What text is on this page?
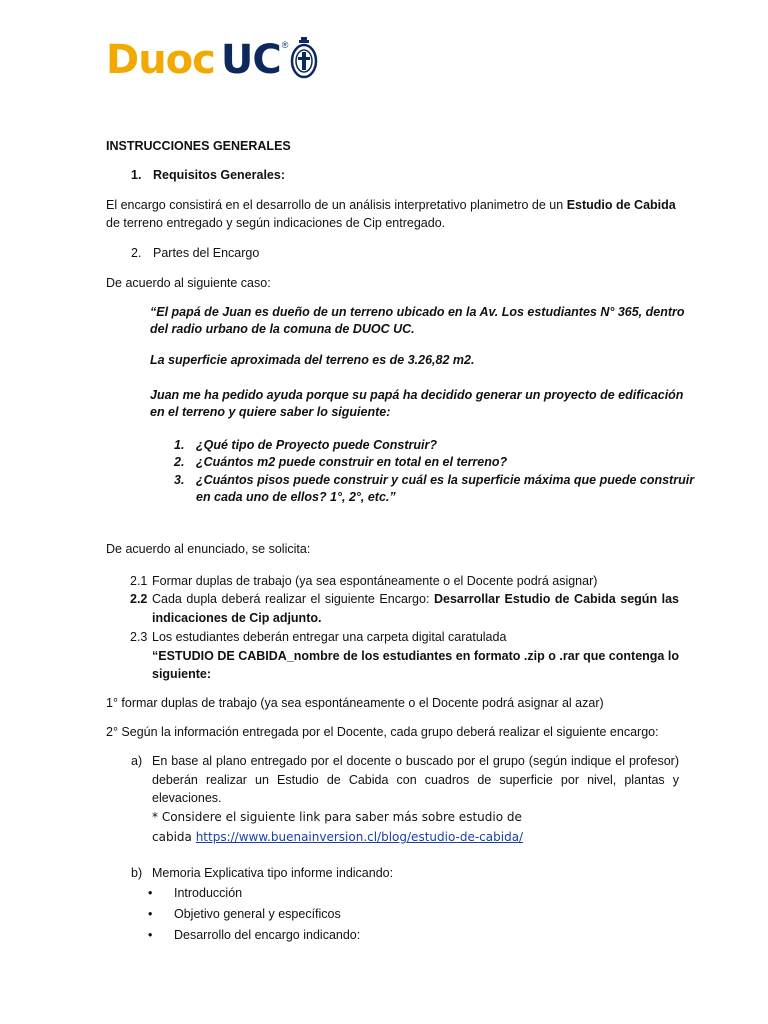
Duoc UC ®
INSTRUCCIONES GENERALES
1. Requisitos Generales:
El encargo consistirá en el desarrollo de un análisis interpretativo planimetro de un Estudio de Cabida
de terreno entregado y según indicaciones de Cip entregado.
2. Partes del Encargo
De acuerdo al siguiente caso:
“El papá de Juan es dueño de un terreno ubicado en la Av. Los estudiantes N° 365, dentro
del radio urbano de la comuna de DUOC UC.
La superficie aproximada del terreno es de 3.26,82 m2.
Juan me ha pedido ayuda porque su papá ha decidido generar un proyecto de edificación
en el terreno y quiere saber lo siguiente:
1. ¿Qué tipo de Proyecto puede Construir?
2. ¿Cuántos m2 puede construir en total en el terreno?
3. ¿Cuántos pisos puede construir y cuál es la superficie máxima que puede construir
en cada uno de ellos? 1°, 2°, etc.”
De acuerdo al enunciado, se solicita:
2.1 Formar duplas de trabajo (ya sea espontáneamente o el Docente podrá asignar)
2.2 Cada dupla deberá realizar el siguiente Encargo: Desarrollar Estudio de Cabida según las
indicaciones de Cip adjunto.
2.3 Los estudiantes deberán entregar una carpeta digital caratulada
“ESTUDIO DE CABIDA_nombre de los estudiantes en formato .zip o .rar que contenga lo
siguiente:
1° formar duplas de trabajo (ya sea espontáneamente o el Docente podrá asignar al azar)
2° Según la información entregada por el Docente, cada grupo deberá realizar el siguiente encargo:
a) En base al plano entregado por el docente o buscado por el grupo (según indique el profesor)
deberán realizar un Estudio de Cabida con cuadros de superficie por nivel, plantas y
elevaciones.
* Considere el siguiente link para saber más sobre estudio de
cabida https://www.buenainversion.cl/blog/estudio-de-cabida/
b) Memoria Explicativa tipo informe indicando:
• Introducción
• Objetivo general y específicos
• Desarrollo del encargo indicando:
